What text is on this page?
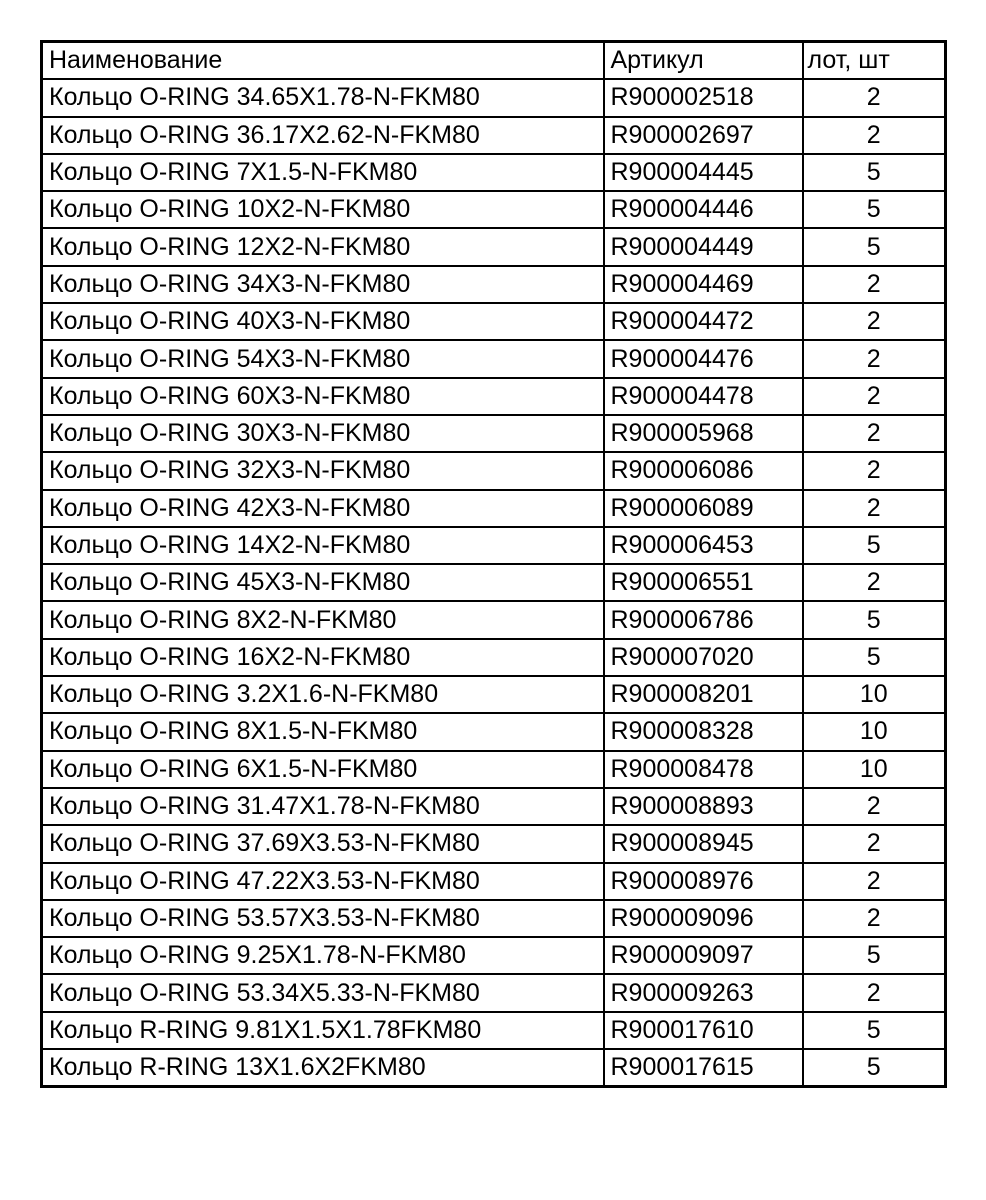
Наименование	Артикул	лот, шт
Кольцо O-RING 34.65X1.78-N-FKM80	R900002518	2
Кольцо O-RING 36.17X2.62-N-FKM80	R900002697	2
Кольцо O-RING 7X1.5-N-FKM80	R900004445	5
Кольцо O-RING 10X2-N-FKM80	R900004446	5
Кольцо O-RING 12X2-N-FKM80	R900004449	5
Кольцо O-RING 34X3-N-FKM80	R900004469	2
Кольцо O-RING 40X3-N-FKM80	R900004472	2
Кольцо O-RING 54X3-N-FKM80	R900004476	2
Кольцо O-RING 60X3-N-FKM80	R900004478	2
Кольцо O-RING 30X3-N-FKM80	R900005968	2
Кольцо O-RING 32X3-N-FKM80	R900006086	2
Кольцо O-RING 42X3-N-FKM80	R900006089	2
Кольцо O-RING 14X2-N-FKM80	R900006453	5
Кольцо O-RING 45X3-N-FKM80	R900006551	2
Кольцо O-RING 8X2-N-FKM80	R900006786	5
Кольцо O-RING 16X2-N-FKM80	R900007020	5
Кольцо O-RING 3.2X1.6-N-FKM80	R900008201	10
Кольцо O-RING 8X1.5-N-FKM80	R900008328	10
Кольцо O-RING 6X1.5-N-FKM80	R900008478	10
Кольцо O-RING 31.47X1.78-N-FKM80	R900008893	2
Кольцо O-RING 37.69X3.53-N-FKM80	R900008945	2
Кольцо O-RING 47.22X3.53-N-FKM80	R900008976	2
Кольцо O-RING 53.57X3.53-N-FKM80	R900009096	2
Кольцо O-RING 9.25X1.78-N-FKM80	R900009097	5
Кольцо O-RING 53.34X5.33-N-FKM80	R900009263	2
Кольцо R-RING 9.81X1.5X1.78FKM80	R900017610	5
Кольцо R-RING 13X1.6X2FKM80	R900017615	5
